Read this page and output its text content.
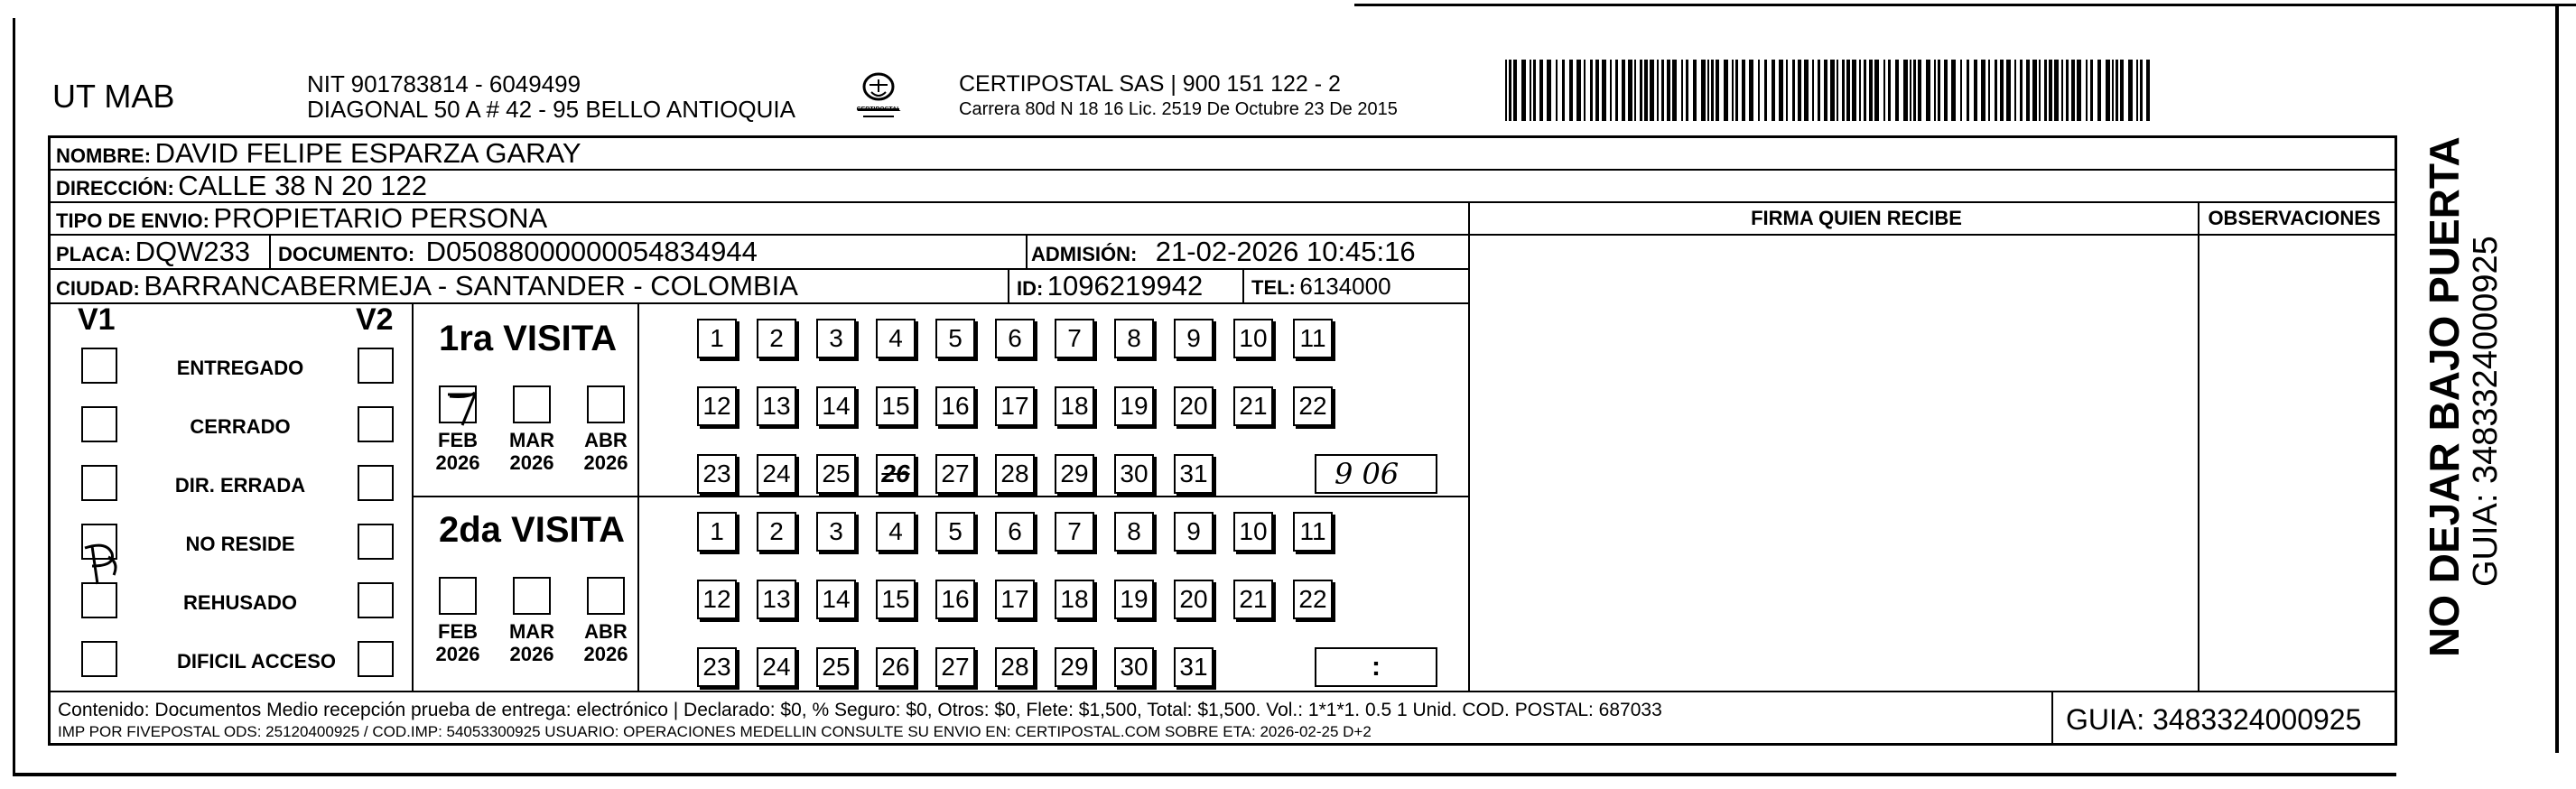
UT MAB	NIT 901783814 - 6049499
DIAGONAL 50 A # 42 - 95 BELLO ANTIOQUIA	CERTIPOSTAL
CERTIPOSTAL SAS | 900 151 122 - 2
Carrera 80d N 18 16 Lic. 2519 De Octubre 23 De 2015
NOMBRE: DAVID FELIPE ESPARZA GARAY
DIRECCIÓN: CALLE 38 N 20 122
TIPO DE ENVIO: PROPIETARIO PERSONA	FIRMA QUIEN RECIBE	OBSERVACIONES
PLACA: DQW233 DOCUMENTO: D05088000000054834944	ADMISIÓN: 21-02-2026 10:45:16
CIUDAD: BARRANCABERMEJA - SANTANDER - COLOMBIA	ID: 1096219942 TEL: 6134000
V1	V2
ENTREGADO
CERRADO
DIR. ERRADA
NO RESIDE
REHUSADO
DIFICIL ACCESO
1ra VISITA
2da VISITA
FEB
2026
MAR
2026
ABR
2026
FEB
2026
MAR
2026
ABR
2026
1	2	3	4	5	6	7	8	9	10 11
12 13 14 15 16 17 18 19 20 21 22
23 24 25 26 27 28 29 30 31
1	2	3	4	5	6	7	8	9	10 11
12 13 14 15 16 17 18 19 20 21 22
23 24 25 26 27 28 29 30 31
9 06
:
Contenido: Documentos Medio recepción prueba de entrega: electrónico | Declarado: $0, % Seguro: $0, Otros: $0, Flete: $1,500, Total: $1,500. Vol.: 1*1*1. 0.5 1 Unid. COD. POSTAL: 687033
IMP POR FIVEPOSTAL ODS: 25120400925 / COD.IMP: 54053300925 USUARIO: OPERACIONES MEDELLIN CONSULTE SU ENVIO EN: CERTIPOSTAL.COM SOBRE ETA: 2026-02-25 D+2	GUIA: 3483324000925
NO DEJAR BAJO PUERTA GUIA: 3483324000925
